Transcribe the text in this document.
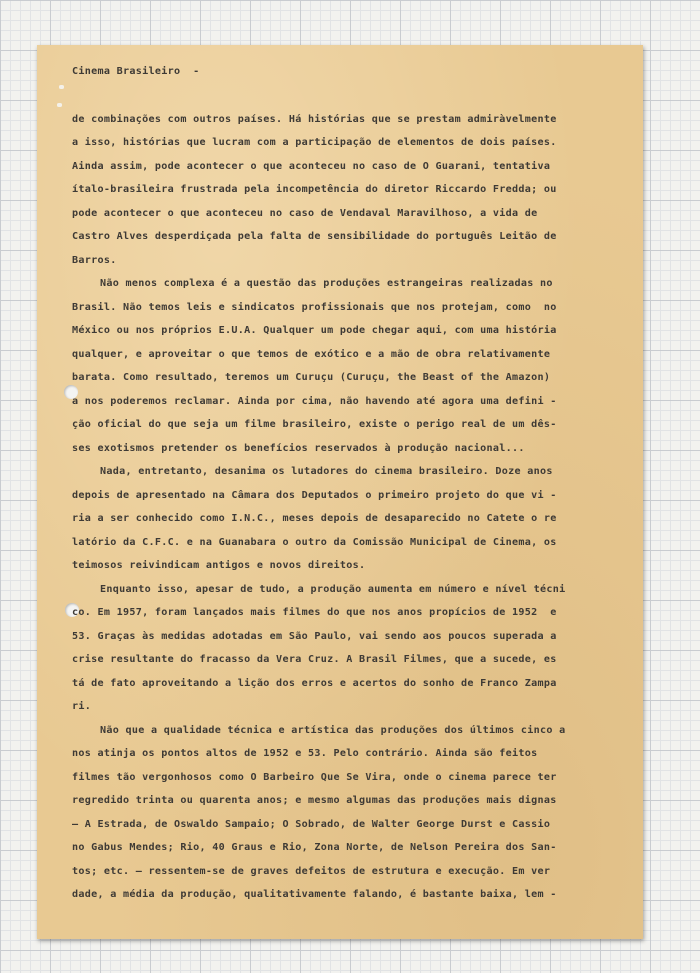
Cinema Brasileiro  -
de combinações com outros países. Há histórias que se prestam admiràvelmente
a isso, histórias que lucram com a participação de elementos de dois países.
Ainda assim, pode acontecer o que aconteceu no caso de O Guarani, tentativa
ítalo-brasileira frustrada pela incompetência do diretor Riccardo Fredda; ou
pode acontecer o que aconteceu no caso de Vendaval Maravilhoso, a vida de
Castro Alves desperdiçada pela falta de sensibilidade do português Leitão de
Barros.
Não menos complexa é a questão das produções estrangeiras realizadas no
Brasil. Não temos leis e sindicatos profissionais que nos protejam, como  no
México ou nos próprios E.U.A. Qualquer um pode chegar aqui, com uma história
qualquer, e aproveitar o que temos de exótico e a mão de obra relativamente
barata. Como resultado, teremos um Curuçu (Curuçu, the Beast of the Amazon)
a nos poderemos reclamar. Ainda por cima, não havendo até agora uma defini -
ção oficial do que seja um filme brasileiro, existe o perigo real de um dês-
ses exotismos pretender os benefícios reservados à produção nacional...
Nada, entretanto, desanima os lutadores do cinema brasileiro. Doze anos
depois de apresentado na Câmara dos Deputados o primeiro projeto do que vi -
ria a ser conhecido como I.N.C., meses depois de desaparecido no Catete o re
latório da C.F.C. e na Guanabara o outro da Comissão Municipal de Cinema, os
teimosos reivindicam antigos e novos direitos.
Enquanto isso, apesar de tudo, a produção aumenta em número e nível técni
co. Em 1957, foram lançados mais filmes do que nos anos propícios de 1952  e
53. Graças às medidas adotadas em São Paulo, vai sendo aos poucos superada a
crise resultante do fracasso da Vera Cruz. A Brasil Filmes, que a sucede, es
tá de fato aproveitando a lição dos erros e acertos do sonho de Franco Zampa
ri.
Não que a qualidade técnica e artística das produções dos últimos cinco a
nos atinja os pontos altos de 1952 e 53. Pelo contrário. Ainda são feitos
filmes tão vergonhosos como O Barbeiro Que Se Vira, onde o cinema parece ter
regredido trinta ou quarenta anos; e mesmo algumas das produções mais dignas
— A Estrada, de Oswaldo Sampaio; O Sobrado, de Walter George Durst e Cassio
no Gabus Mendes; Rio, 40 Graus e Rio, Zona Norte, de Nelson Pereira dos San-
tos; etc. — ressentem-se de graves defeitos de estrutura e execução. Em ver
dade, a média da produção, qualitativamente falando, é bastante baixa, lem -
